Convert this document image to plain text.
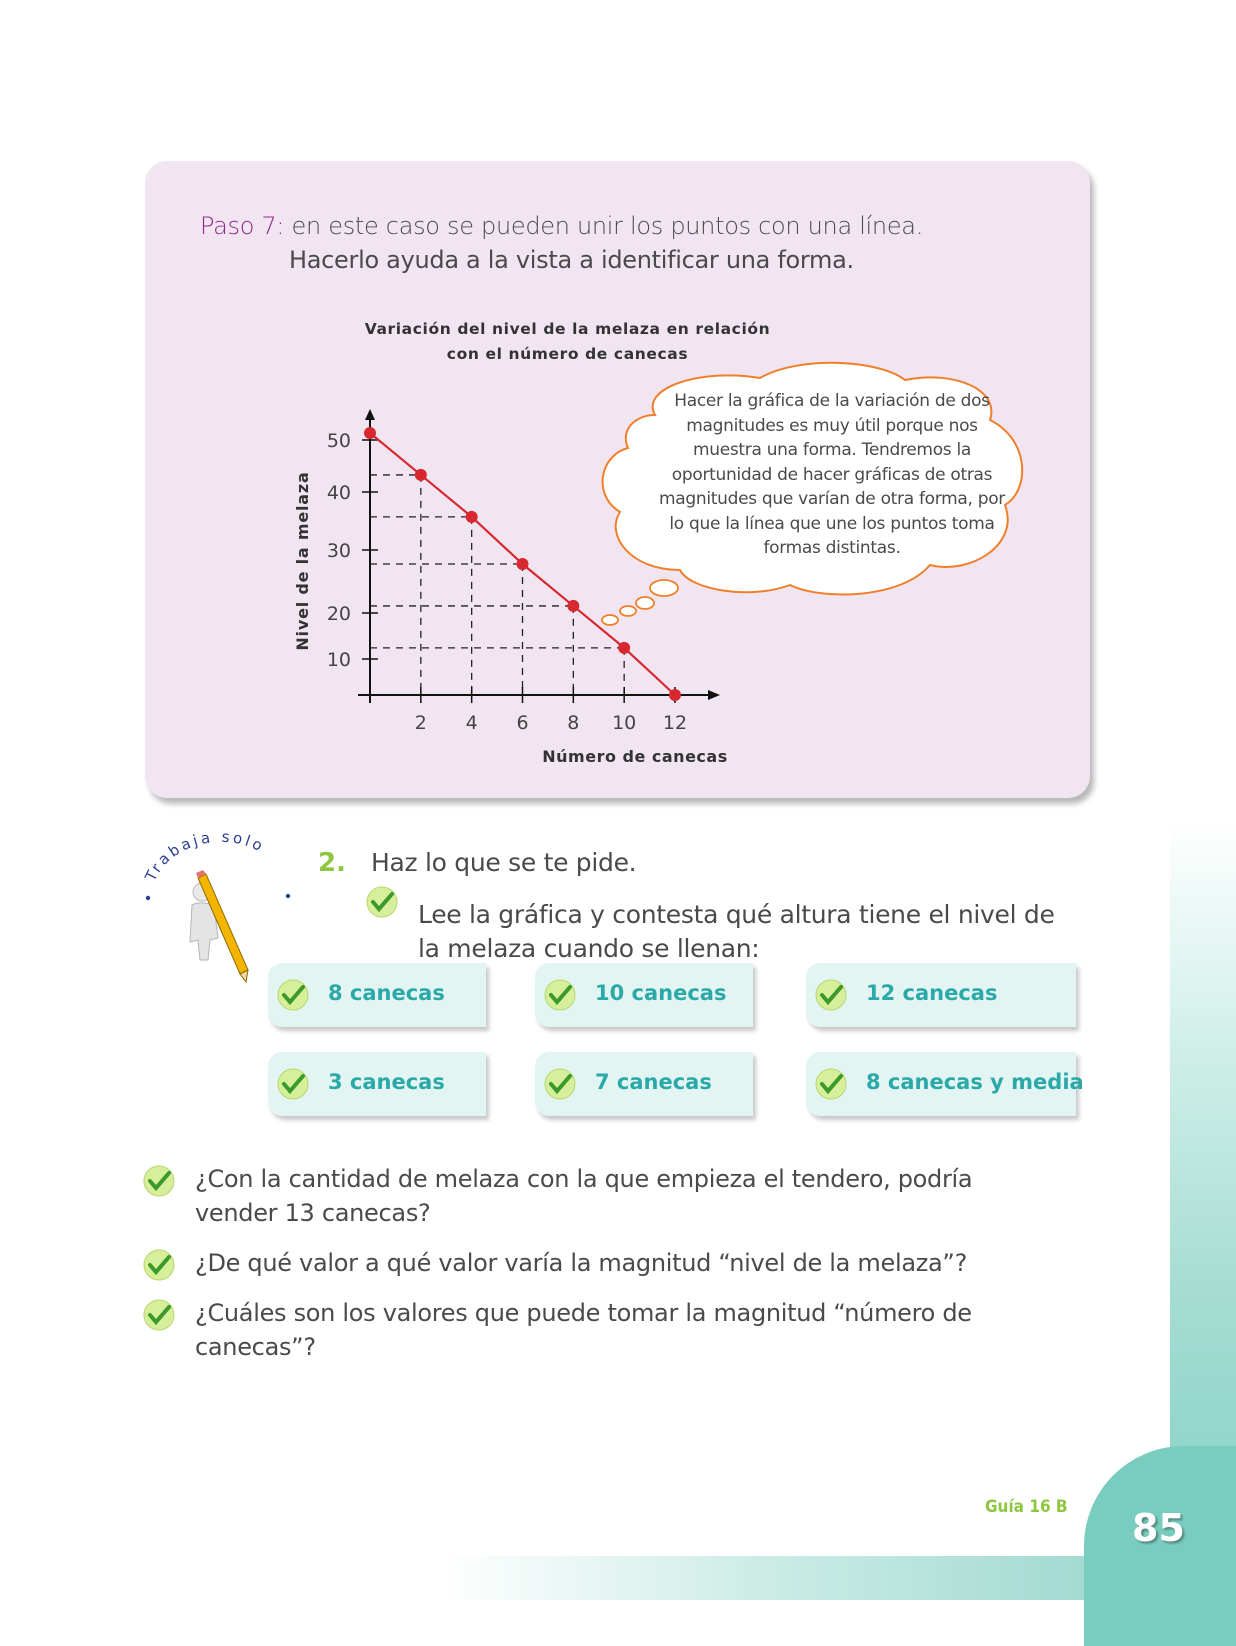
85
Guía 16 B
Paso 7: en este caso se pueden unir los puntos con una línea.
Hacerlo ayuda a la vista a identificar una forma.
Variación del nivel de la melaza en relación
con el número de canecas
10
20
30
40
50
2 4 6 8 10 12
Número de canecas
Nivel de la melaza
Hacer la gráfica de la variación de dos magnitudes es muy útil porque nos muestra una forma. Tendremos la oportunidad de hacer gráficas de otras magnitudes que varían de otra forma, por lo que la línea que une los puntos toma formas distintas.
Trabaja solo
2. Haz lo que se te pide.
Lee la gráfica y contesta qué altura tiene el nivel de la melaza cuando se llenan:
8 canecas	10 canecas	12 canecas
3 canecas	7 canecas	8 canecas y media
¿Con la cantidad de melaza con la que empieza el tendero, podría vender 13 canecas?
¿De qué valor a qué valor varía la magnitud “nivel de la melaza”?
¿Cuáles son los valores que puede tomar la magnitud “número de canecas”?
